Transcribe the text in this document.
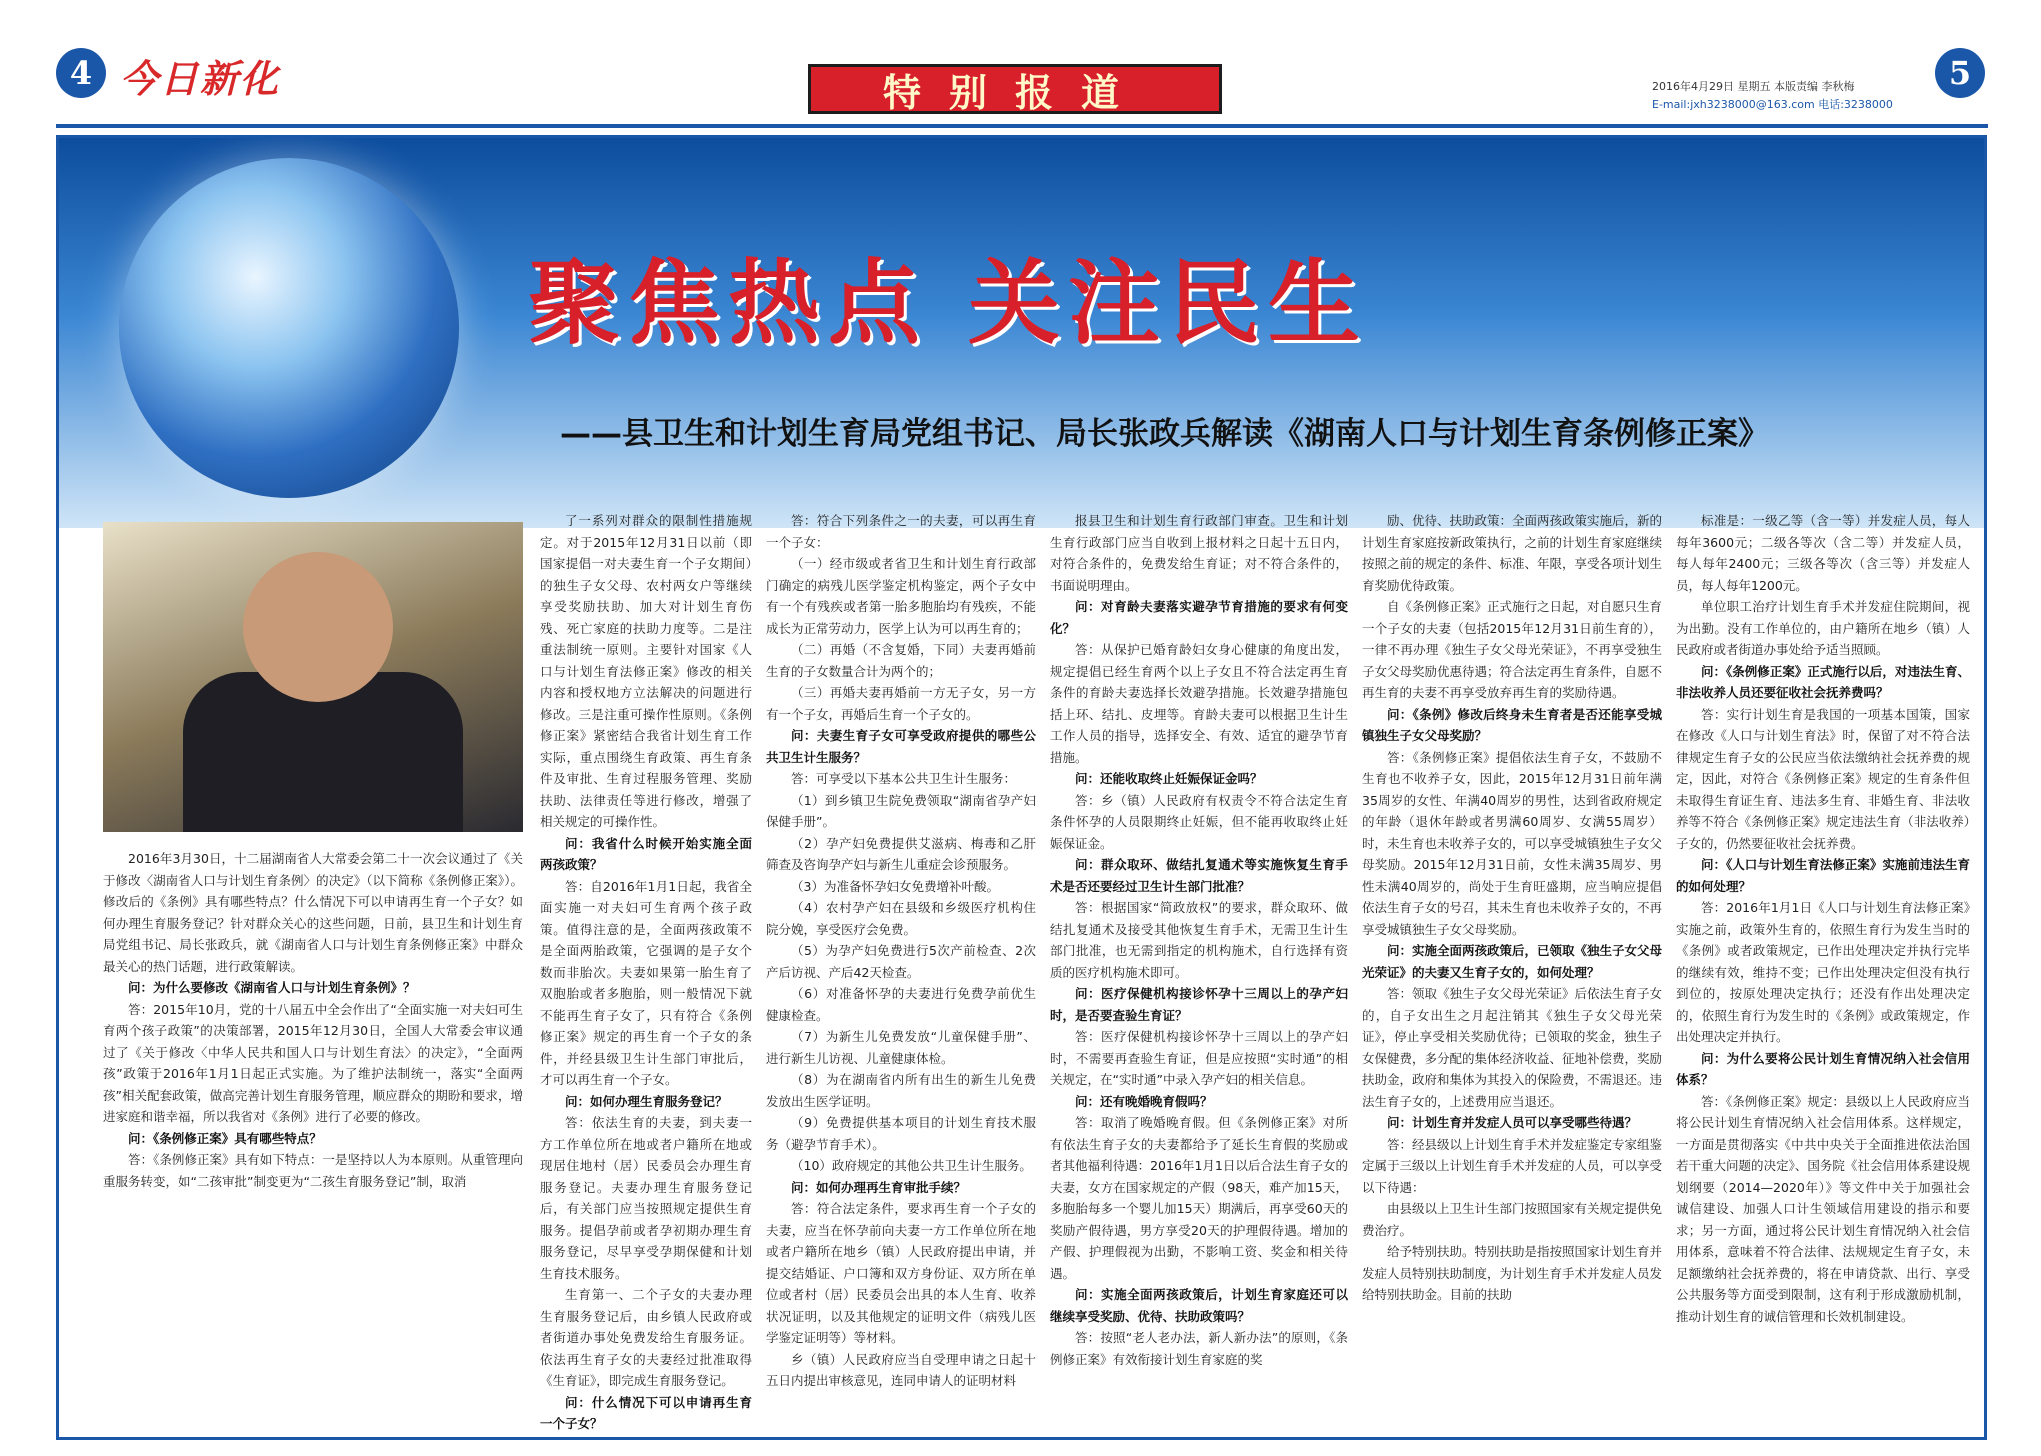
4 今日新化	特别报道	2016年4月29日 星期五 本版责编 李秋梅
E-mail:jxh3238000@163.com 电话:3238000
5
聚焦热点 关注民生
——县卫生和计划生育局党组书记、局长张政兵解读《湖南人口与计划生育条例修正案》

2016年3月30日，十二届湖南省人大常委会第二十一次会议通过了《关于修改〈湖南省人口与计划生育条例〉的决定》（以下简称《条例修正案》）。修改后的《条例》具有哪些特点？什么情况下可以申请再生育一个子女？如何办理生育服务登记？针对群众关心的这些问题，日前，县卫生和计划生育局党组书记、局长张政兵，就《湖南省人口与计划生育条例修正案》中群众最关心的热门话题，进行政策解读。

问：为什么要修改《湖南省人口与计划生育条例》？

答：2015年10月，党的十八届五中全会作出了“全面实施一对夫妇可生育两个孩子政策”的决策部署，2015年12月30日，全国人大常委会审议通过了《关于修改〈中华人民共和国人口与计划生育法〉的决定》，“全面两孩”政策于2016年1月1日起正式实施。为了维护法制统一，落实“全面两孩”相关配套政策，做高完善计划生育服务管理，顺应群众的期盼和要求，增进家庭和谐幸福，所以我省对《条例》进行了必要的修改。

问：《条例修正案》具有哪些特点？

答：《条例修正案》具有如下特点：一是坚持以人为本原则。从重管理向重服务转变，如“二孩审批”制变更为“二孩生育服务登记”制，取消

了一系列对群众的限制性措施规定。对于2015年12月31日以前（即国家提倡一对夫妻生育一个子女期间）的独生子女父母、农村两女户等继续享受奖励扶助、加大对计划生育伤残、死亡家庭的扶助力度等。二是注重法制统一原则。主要针对国家《人口与计划生育法修正案》修改的相关内容和授权地方立法解决的问题进行修改。三是注重可操作性原则。《条例修正案》紧密结合我省计划生育工作实际，重点围绕生育政策、再生育条件及审批、生育过程服务管理、奖励扶助、法律责任等进行修改，增强了相关规定的可操作性。

问：我省什么时候开始实施全面两孩政策？

答：自2016年1月1日起，我省全面实施一对夫妇可生育两个孩子政策。值得注意的是，全面两孩政策不是全面两胎政策，它强调的是子女个数而非胎次。夫妻如果第一胎生育了双胞胎或者多胞胎，则一般情况下就不能再生育子女了，只有符合《条例修正案》规定的再生育一个子女的条件，并经县级卫生计生部门审批后，才可以再生育一个子女。

问：如何办理生育服务登记？

答：依法生育的夫妻，到夫妻一方工作单位所在地或者户籍所在地或现居住地村（居）民委员会办理生育服务登记。夫妻办理生育服务登记后，有关部门应当按照规定提供生育服务。提倡孕前或者孕初期办理生育服务登记，尽早享受孕期保健和计划生育技术服务。

生育第一、二个子女的夫妻办理生育服务登记后，由乡镇人民政府或者街道办事处免费发给生育服务证。依法再生育子女的夫妻经过批准取得《生育证》，即完成生育服务登记。

问：什么情况下可以申请再生育一个子女？

答：符合下列条件之一的夫妻，可以再生育一个子女：

（一）经市级或者省卫生和计划生育行政部门确定的病残儿医学鉴定机构鉴定，两个子女中有一个有残疾或者第一胎多胞胎均有残疾，不能成长为正常劳动力，医学上认为可以再生育的；

（二）再婚（不含复婚，下同）夫妻再婚前生育的子女数量合计为两个的；

（三）再婚夫妻再婚前一方无子女，另一方有一个子女，再婚后生育一个子女的。

问：夫妻生育子女可享受政府提供的哪些公共卫生计生服务？

答：可享受以下基本公共卫生计生服务：

（1）到乡镇卫生院免费领取“湖南省孕产妇保健手册”。

（2）孕产妇免费提供艾滋病、梅毒和乙肝筛查及咨询孕产妇与新生儿重症会诊预服务。

（3）为准备怀孕妇女免费增补叶酸。

（4）农村孕产妇在县级和乡级医疗机构住院分娩，享受医疗会免费。

（5）为孕产妇免费进行5次产前检查、2次产后访视、产后42天检查。

（6）对准备怀孕的夫妻进行免费孕前优生健康检查。

（7）为新生儿免费发放“儿童保健手册”、进行新生儿访视、儿童健康体检。

（8）为在湖南省内所有出生的新生儿免费发放出生医学证明。

（9）免费提供基本项目的计划生育技术服务（避孕节育手术）。

（10）政府规定的其他公共卫生计生服务。

问：如何办理再生育审批手续？

答：符合法定条件，要求再生育一个子女的夫妻，应当在怀孕前向夫妻一方工作单位所在地或者户籍所在地乡（镇）人民政府提出申请，并提交结婚证、户口簿和双方身份证、双方所在单位或者村（居）民委员会出具的本人生育、收养状况证明，以及其他规定的证明文件（病残儿医学鉴定证明等）等材料。

乡（镇）人民政府应当自受理申请之日起十五日内提出审核意见，连同申请人的证明材料

报县卫生和计划生育行政部门审查。卫生和计划生育行政部门应当自收到上报材料之日起十五日内，对符合条件的，免费发给生育证；对不符合条件的，书面说明理由。

问：对育龄夫妻落实避孕节育措施的要求有何变化？

答：从保护已婚育龄妇女身心健康的角度出发，规定提倡已经生育两个以上子女且不符合法定再生育条件的育龄夫妻选择长效避孕措施。长效避孕措施包括上环、结扎、皮埋等。育龄夫妻可以根据卫生计生工作人员的指导，选择安全、有效、适宜的避孕节育措施。

问：还能收取终止妊娠保证金吗？

答：乡（镇）人民政府有权责令不符合法定生育条件怀孕的人员限期终止妊娠，但不能再收取终止妊娠保证金。

问：群众取环、做结扎复通术等实施恢复生育手术是否还要经过卫生计生部门批准？

答：根据国家“简政放权”的要求，群众取环、做结扎复通术及接受其他恢复生育手术，无需卫生计生部门批准，也无需到指定的机构施术，自行选择有资质的医疗机构施术即可。

问：医疗保健机构接诊怀孕十三周以上的孕产妇时，是否要查验生育证？

答：医疗保健机构接诊怀孕十三周以上的孕产妇时，不需要再查验生育证，但是应按照“实时通”的相关规定，在“实时通”中录入孕产妇的相关信息。

问：还有晚婚晚育假吗？

答：取消了晚婚晚育假。但《条例修正案》对所有依法生育子女的夫妻都给予了延长生育假的奖励或者其他福利待遇：2016年1月1日以后合法生育子女的夫妻，女方在国家规定的产假（98天，难产加15天，多胞胎每多一个婴儿加15天）期满后，再享受60天的奖励产假待遇，男方享受20天的护理假待遇。增加的产假、护理假视为出勤，不影响工资、奖金和相关待遇。

问：实施全面两孩政策后，计划生育家庭还可以继续享受奖励、优待、扶助政策吗？

答：按照“老人老办法，新人新办法”的原则，《条例修正案》有效衔接计划生育家庭的奖

励、优待、扶助政策：全面两孩政策实施后，新的计划生育家庭按新政策执行，之前的计划生育家庭继续按照之前的规定的条件、标准、年限，享受各项计划生育奖励优待政策。

自《条例修正案》正式施行之日起，对自愿只生育一个子女的夫妻（包括2015年12月31日前生育的），一律不再办理《独生子女父母光荣证》，不再享受独生子女父母奖励优惠待遇；符合法定再生育条件，自愿不再生育的夫妻不再享受放弃再生育的奖励待遇。

问：《条例》修改后终身未生育者是否还能享受城镇独生子女父母奖励？

答：《条例修正案》提倡依法生育子女，不鼓励不生育也不收养子女，因此，2015年12月31日前年满35周岁的女性、年满40周岁的男性，达到省政府规定的年龄（退休年龄或者男满60周岁、女满55周岁）时，未生育也未收养子女的，可以享受城镇独生子女父母奖励。2015年12月31日前，女性未满35周岁、男性未满40周岁的，尚处于生育旺盛期，应当响应提倡依法生育子女的号召，其未生育也未收养子女的，不再享受城镇独生子女父母奖励。

问：实施全面两孩政策后，已领取《独生子女父母光荣证》的夫妻又生育子女的，如何处理？

答：领取《独生子女父母光荣证》后依法生育子女的，自子女出生之月起注销其《独生子女父母光荣证》，停止享受相关奖励优待；已领取的奖金，独生子女保健费，多分配的集体经济收益、征地补偿费，奖励扶助金，政府和集体为其投入的保险费，不需退还。违法生育子女的，上述费用应当退还。

问：计划生育并发症人员可以享受哪些待遇？

答：经县级以上计划生育手术并发症鉴定专家组鉴定属于三级以上计划生育手术并发症的人员，可以享受以下待遇：

由县级以上卫生计生部门按照国家有关规定提供免费治疗。

给予特别扶助。特别扶助是指按照国家计划生育并发症人员特别扶助制度，为计划生育手术并发症人员发给特别扶助金。目前的扶助

标准是：一级乙等（含一等）并发症人员，每人每年3600元；二级各等次（含二等）并发症人员，每人每年2400元；三级各等次（含三等）并发症人员，每人每年1200元。

单位职工治疗计划生育手术并发症住院期间，视为出勤。没有工作单位的，由户籍所在地乡（镇）人民政府或者街道办事处给予适当照顾。

问：《条例修正案》正式施行以后，对违法生育、非法收养人员还要征收社会抚养费吗？

答：实行计划生育是我国的一项基本国策，国家在修改《人口与计划生育法》时，保留了对不符合法律规定生育子女的公民应当依法缴纳社会抚养费的规定，因此，对符合《条例修正案》规定的生育条件但未取得生育证生育、违法多生育、非婚生育、非法收养等不符合《条例修正案》规定违法生育（非法收养）子女的，仍然要征收社会抚养费。

问：《人口与计划生育法修正案》实施前违法生育的如何处理？

答：2016年1月1日《人口与计划生育法修正案》实施之前，政策外生育的，依照生育行为发生当时的《条例》或者政策规定，已作出处理决定并执行完毕的继续有效，维持不变；已作出处理决定但没有执行到位的，按原处理决定执行；还没有作出处理决定的，依照生育行为发生时的《条例》或政策规定，作出处理决定并执行。

问：为什么要将公民计划生育情况纳入社会信用体系？

答：《条例修正案》规定：县级以上人民政府应当将公民计划生育情况纳入社会信用体系。这样规定，一方面是贯彻落实《中共中央关于全面推进依法治国若干重大问题的决定》、国务院《社会信用体系建设规划纲要（2014—2020年）》等文件中关于加强社会诚信建设、加强人口计生领域信用建设的指示和要求；另一方面，通过将公民计划生育情况纳入社会信用体系，意味着不符合法律、法规规定生育子女，未足额缴纳社会抚养费的，将在申请贷款、出行、享受公共服务等方面受到限制，这有利于形成激励机制，推动计划生育的诚信管理和长效机制建设。
